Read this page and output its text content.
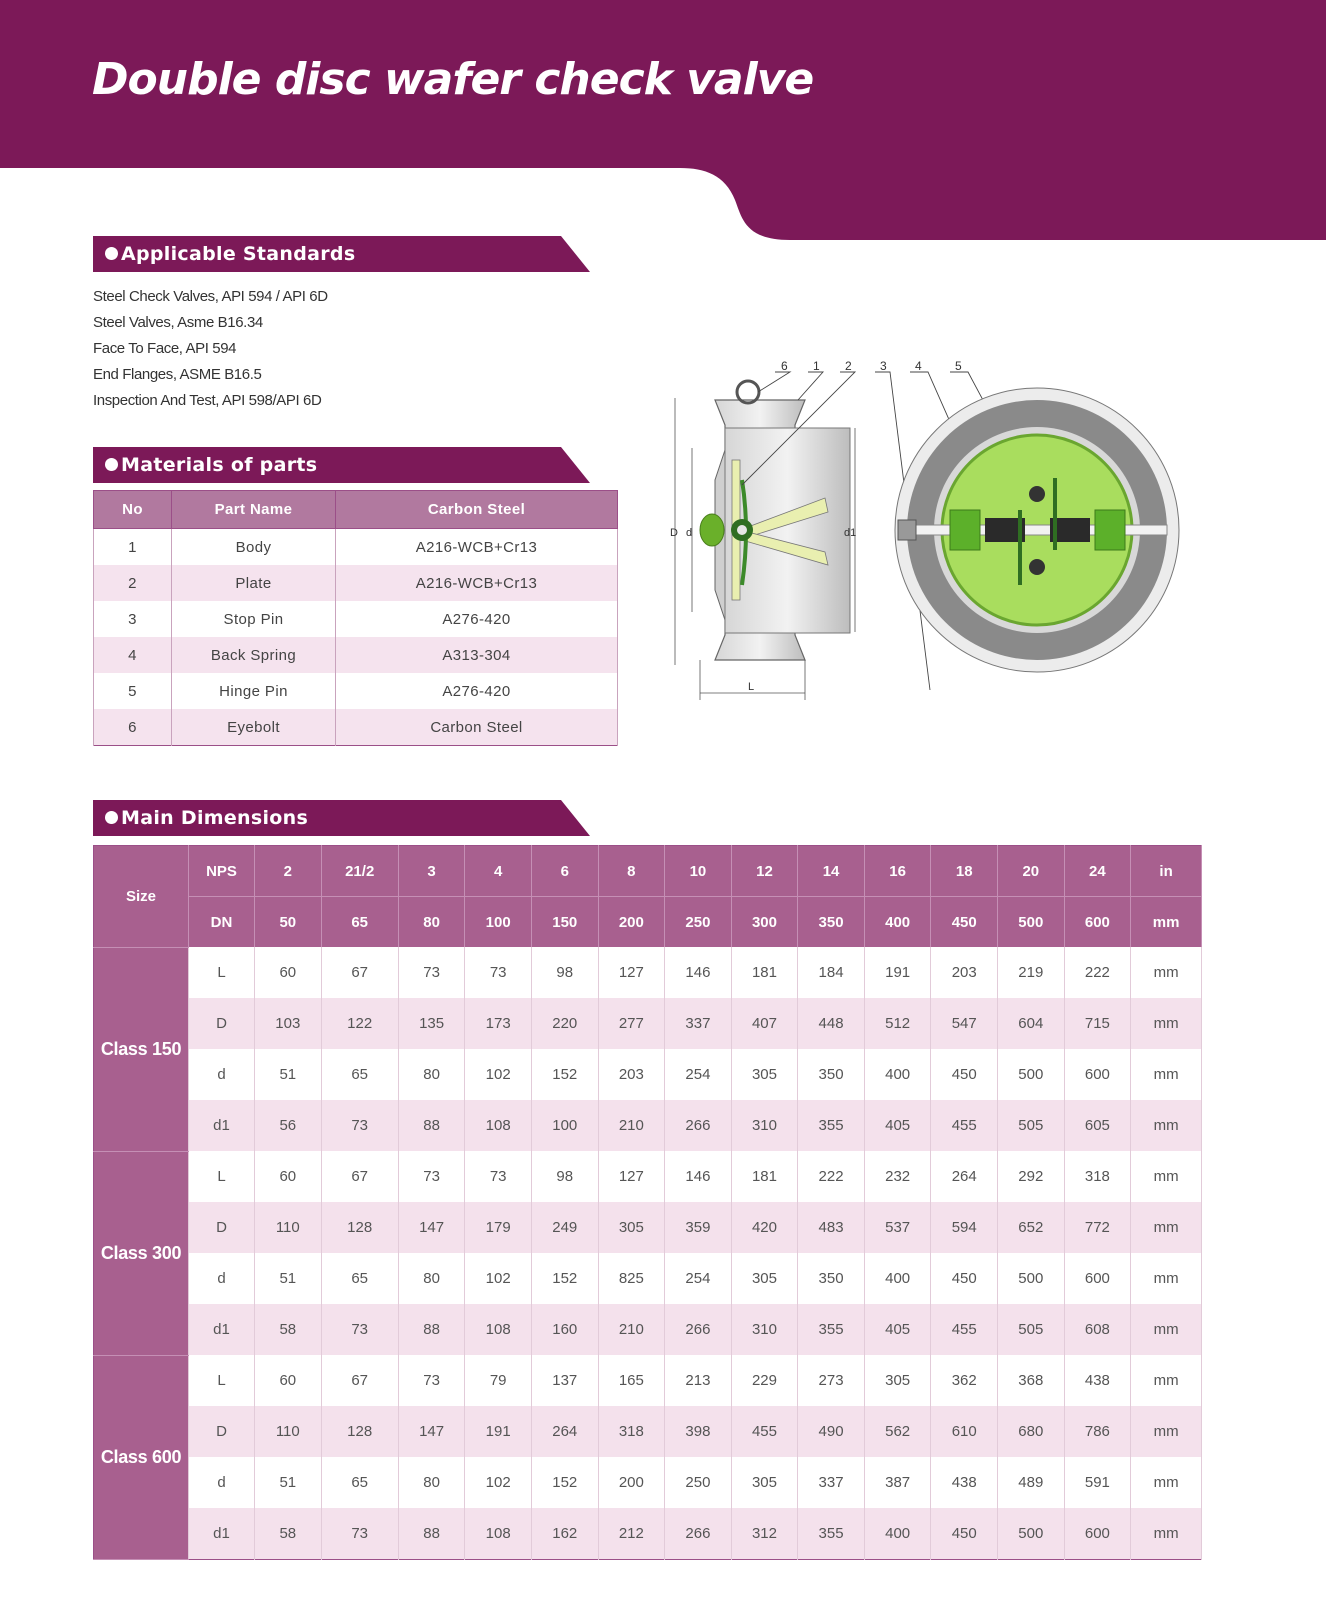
Double disc wafer check valve
Applicable Standards
Steel Check Valves, API 594 / API 6D
Steel Valves, Asme B16.34
Face To Face, API 594
End Flanges, ASME B16.5
Inspection And Test, API 598/API 6D
Materials of parts
No	Part Name	Carbon Steel
1	Body	A216-WCB+Cr13
2	Plate	A216-WCB+Cr13
3	Stop Pin	A276-420
4	Back Spring	A313-304
5	Hinge Pin	A276-420
6	Eyebolt	Carbon Steel
D d	d1
L
6 1 2 3 4	5
Main Dimensions
Size	NPS	2	21/2	3	4	6	8	10	12	14	16	18	20	24	in
	DN	50	65	80	100	150	200	250	300	350	400	450	500	600	mm
Class 150	L	60	67	73	73	98	127	146	181	184	191	203	219	222	mm
	D	103	122	135	173	220	277	337	407	448	512	547	604	715	mm
	d	51	65	80	102	152	203	254	305	350	400	450	500	600	mm
	d1	56	73	88	108	100	210	266	310	355	405	455	505	605	mm
Class 300	L	60	67	73	73	98	127	146	181	222	232	264	292	318	mm
	D	110	128	147	179	249	305	359	420	483	537	594	652	772	mm
	d	51	65	80	102	152	825	254	305	350	400	450	500	600	mm
	d1	58	73	88	108	160	210	266	310	355	405	455	505	608	mm
Class 600	L	60	67	73	79	137	165	213	229	273	305	362	368	438	mm
	D	110	128	147	191	264	318	398	455	490	562	610	680	786	mm
	d	51	65	80	102	152	200	250	305	337	387	438	489	591	mm
	d1	58	73	88	108	162	212	266	312	355	400	450	500	600	mm
